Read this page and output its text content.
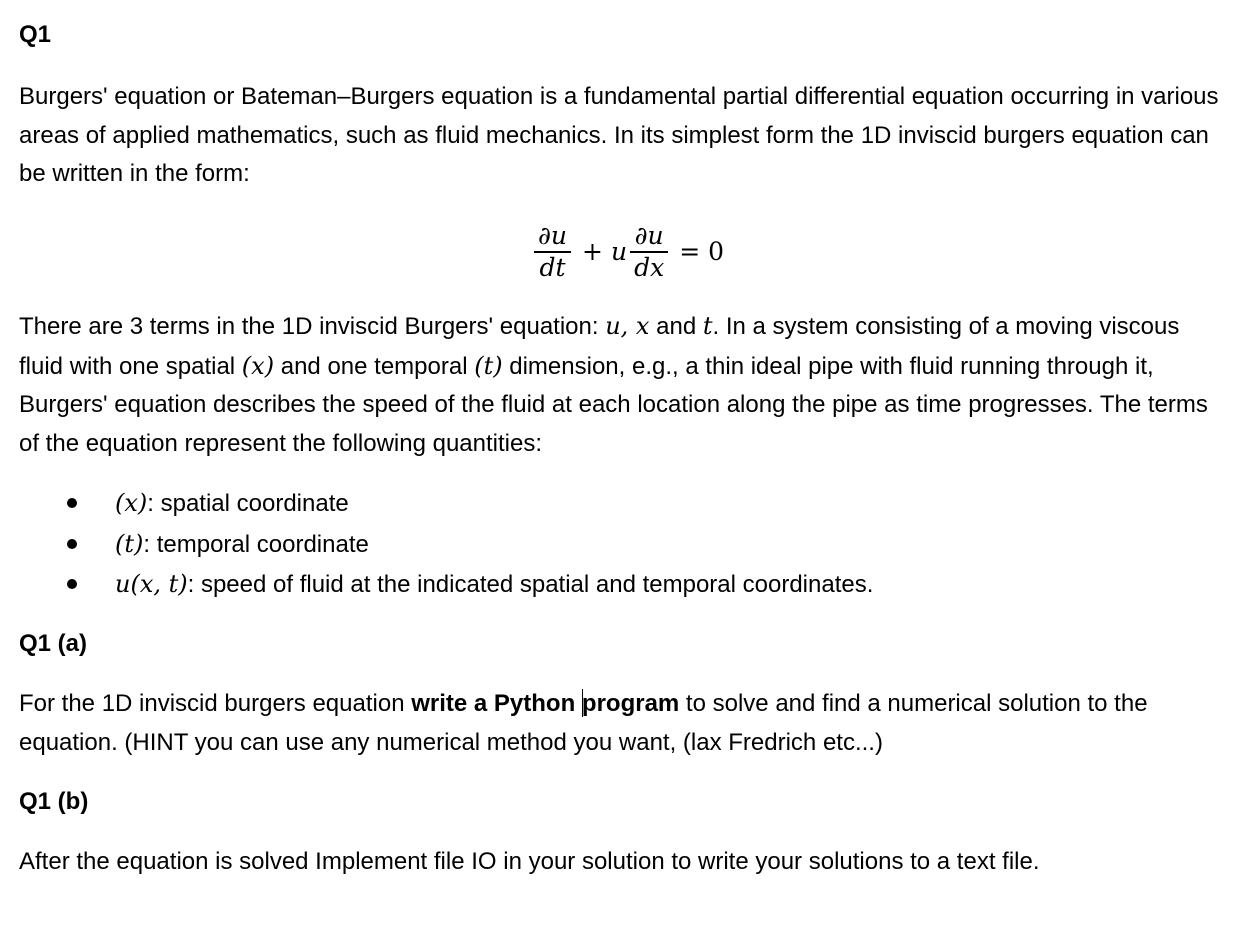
Q1

Burgers' equation or Bateman–Burgers equation is a fundamental partial differential equation occurring in various areas of applied mathematics, such as fluid mechanics. In its simplest form the 1D inviscid burgers equation can be written in the form:

$\frac{\partial u}{dt} + u \frac{\partial u}{dx} = 0$

There are 3 terms in the 1D inviscid Burgers' equation: u, x and t. In a system consisting of a moving viscous fluid with one spatial (x) and one temporal (t) dimension, e.g., a thin ideal pipe with fluid running through it, Burgers' equation describes the speed of the fluid at each location along the pipe as time progresses. The terms of the equation represent the following quantities:

(x): spatial coordinate
(t): temporal coordinate
u(x, t): speed of fluid at the indicated spatial and temporal coordinates.
Q1 (a)

For the 1D inviscid burgers equation write a Python program to solve and find a numerical solution to the equation. (HINT you can use any numerical method you want, (lax Fredrich etc...)

Q1 (b)

After the equation is solved Implement file IO in your solution to write your solutions to a text file.
